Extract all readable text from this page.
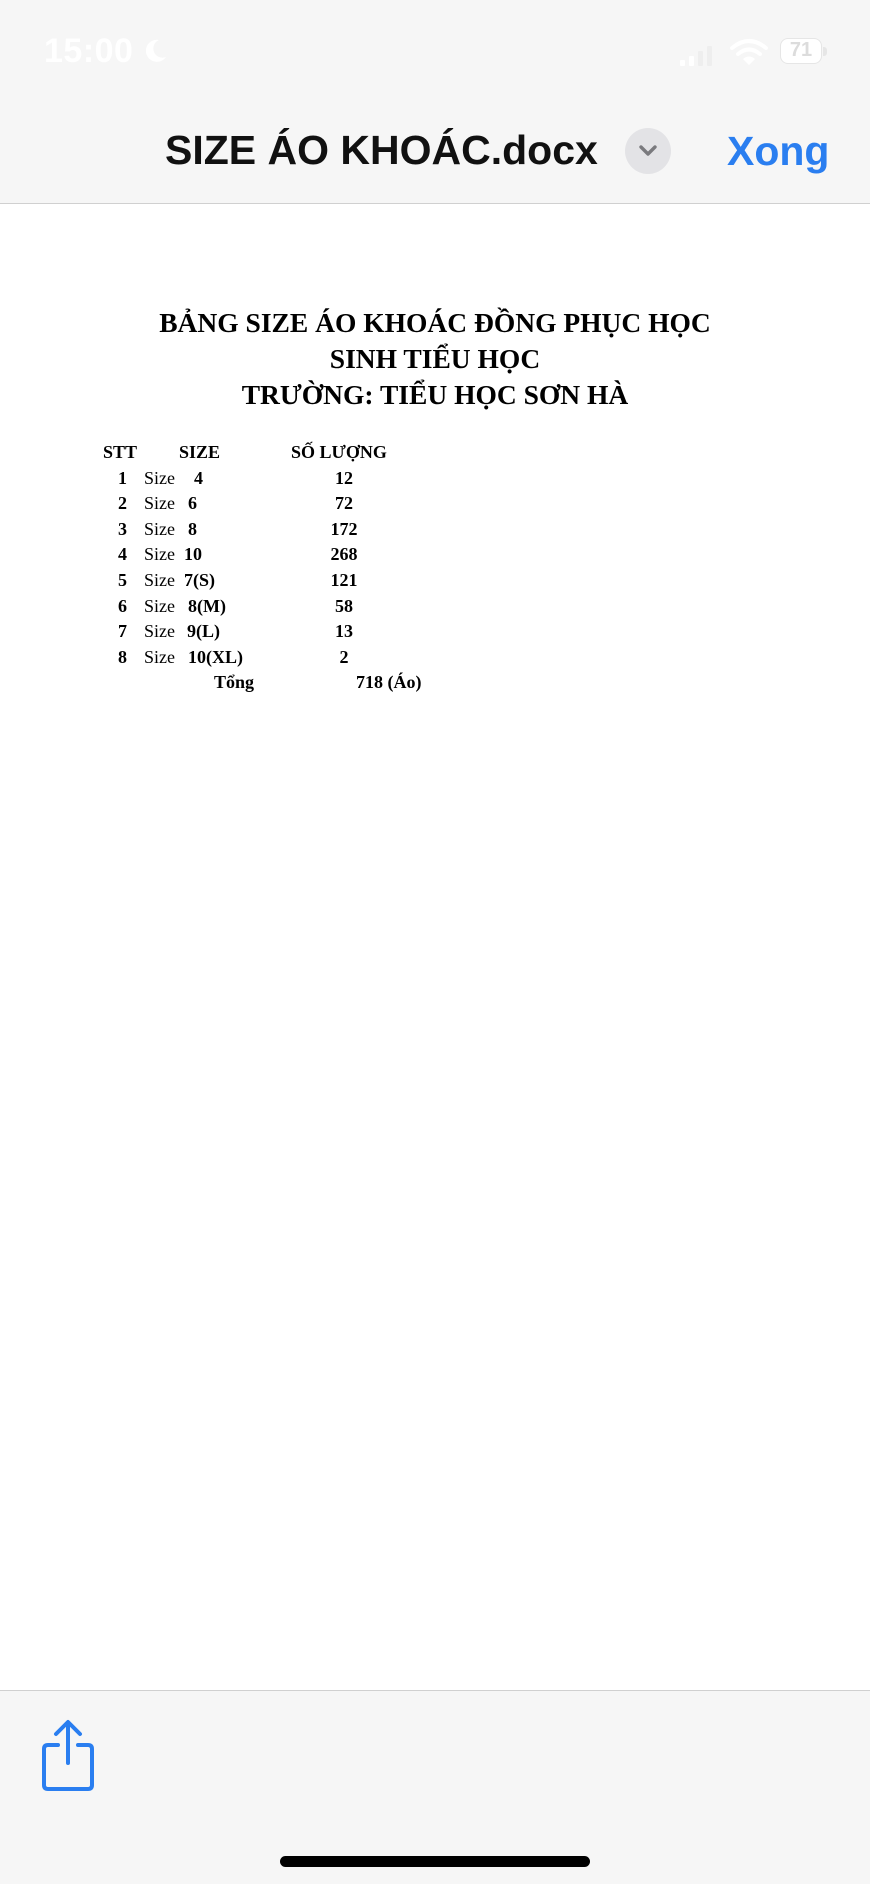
15:00	71
SIZE ÁO KHOÁC.docx	Xong
BẢNG SIZE ÁO KHOÁC ĐỒNG PHỤC HỌC
SINH TIỂU HỌC
TRƯỜNG: TIỂU HỌC SƠN HÀ
STT SIZE	SỐ LƯỢNG
1 Size 4	12
2 Size 6	72
3 Size 8	172
4 Size 10	268
5 Size 7(S)	121
6 Size 8(M)	58
7 Size 9(L)	13
8 Size 10(XL)	2
Tổng	718 (Áo)
